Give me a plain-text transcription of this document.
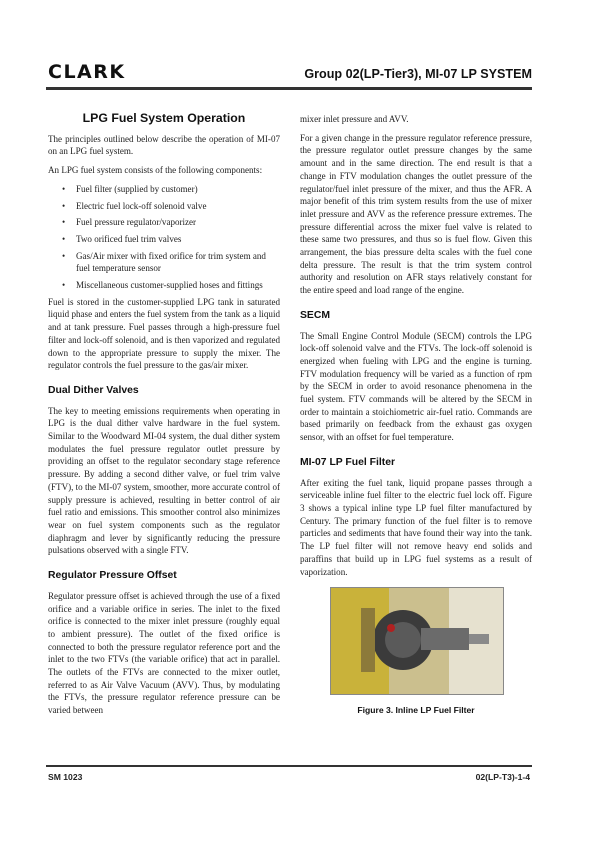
CLARK	Group 02(LP-Tier3), MI-07 LP SYSTEM
LPG Fuel System Operation

The principles outlined below describe the operation of MI-07 on an LPG fuel system.

An LPG fuel system consists of the following components:

• Fuel filter (supplied by customer)
• Electric fuel lock-off solenoid valve
• Fuel pressure regulator/vaporizer
• Two orificed fuel trim valves
• Gas/Air mixer with fixed orifice for trim system and fuel temperature sensor
• Miscellaneous customer-supplied hoses and fittings

Fuel is stored in the customer-supplied LPG tank in saturated liquid phase and enters the fuel system from the tank as a liquid and at tank pressure. Fuel passes through a high-pressure fuel filter and lock-off solenoid, and is then vaporized and regulated down to the appropriate pressure to supply the mixer. The regulator controls the fuel pressure to the gas/air mixer.

Dual Dither Valves

The key to meeting emissions requirements when operating in LPG is the dual dither valve hardware in the fuel system. Similar to the Woodward MI-04 system, the dual dither system modulates the fuel pressure regulator outlet pressure by providing an offset to the regulator secondary stage reference pressure. By adding a second dither valve, or fuel trim valve (FTV), to the MI-07 system, smoother, more accurate control of supply pressure is achieved, resulting in better control of air fuel ratio and emissions. This smoother control also minimizes wear on fuel system components such as the regulator diaphragm and lever by significantly reducing the pressure pulsations observed with a single FTV.

Regulator Pressure Offset

Regulator pressure offset is achieved through the use of a fixed orifice and a variable orifice in series. The inlet to the fixed orifice is connected to the mixer inlet pressure (roughly equal to ambient pressure). The outlet of the fixed orifice is connected to both the pressure regulator reference port and the inlet to the two FTVs (the variable orifice) that act in parallel. The outlets of the FTVs are connected to the mixer outlet, referred to as Air Valve Vacuum (AVV). Thus, by modulating the FTVs, the pressure regulator reference pressure can be varied between

mixer inlet pressure and AVV.

For a given change in the pressure regulator reference pressure, the pressure regulator outlet pressure changes by the same amount and in the same direction. The end result is that a change in FTV modulation changes the outlet pressure of the regulator/fuel inlet pressure of the mixer, and thus the AFR. A major benefit of this trim system results from the use of mixer inlet pressure and AVV as the reference pressure extremes. The pressure differential across the mixer fuel valve is related to these same two pressures, and thus so is fuel flow. Given this arrangement, the bias pressure delta scales with the fuel cone delta pressure. The result is that the trim system control authority and resolution on AFR stays relatively constant for the entire speed and load range of the engine.

SECM

The Small Engine Control Module (SECM) controls the LPG lock-off solenoid valve and the FTVs. The lock-off solenoid is energized when fueling with LPG and the engine is turning. FTV modulation frequency will be varied as a function of rpm by the SECM in order to avoid resonance phenomena in the fuel system. FTV commands will be altered by the SECM in order to maintain a stoichiometric air-fuel ratio. Commands are based primarily on feedback from the exhaust gas oxygen sensor, with an offset for fuel temperature.

MI-07 LP Fuel Filter

After exiting the fuel tank, liquid propane passes through a serviceable inline fuel filter to the electric fuel lock off. Figure 3 shows a typical inline type LP fuel filter manufactured by Century. The primary function of the fuel filter is to remove particles and sediments that have found their way into the tank. The LP fuel filter will not remove heavy end solids and paraffins that build up in LPG fuel systems as a result of vaporization.

Figure 3. Inline LP Fuel Filter
SM 1023	02(LP-T3)-1-4
